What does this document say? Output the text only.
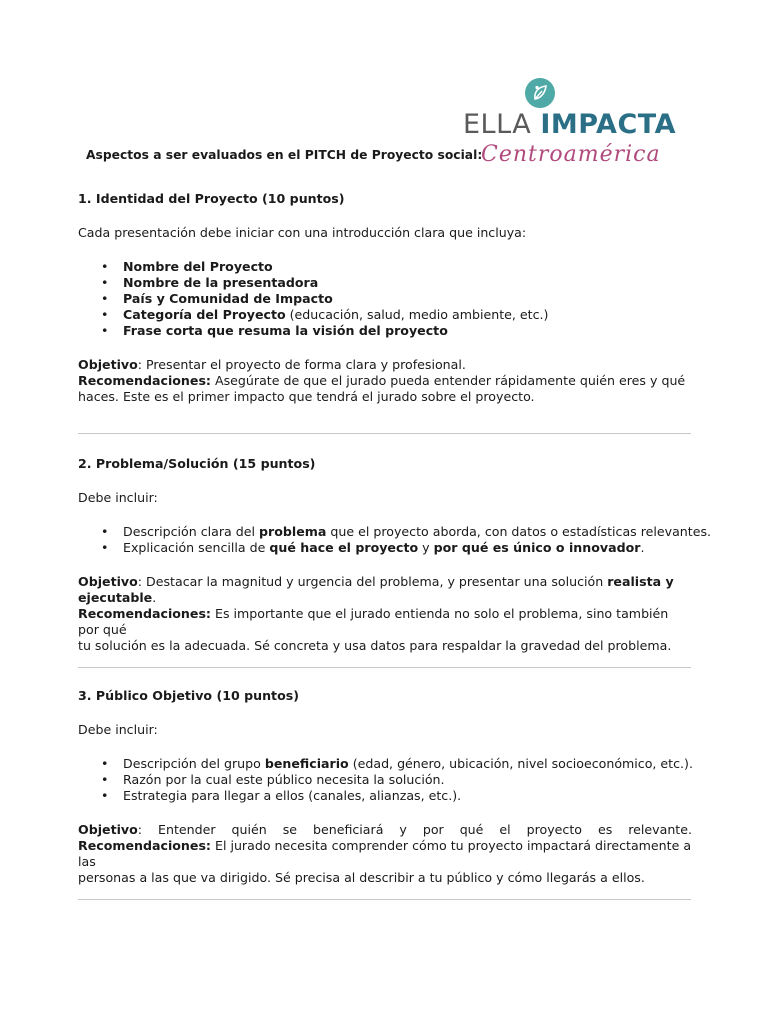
ELLA IMPACTA
Centroamérica
Aspectos a ser evaluados en el PITCH de Proyecto social:

1. Identidad del Proyecto (10 puntos)

Cada presentación debe iniciar con una introducción clara que incluya:

• Nombre del Proyecto
• Nombre de la presentadora
• País y Comunidad de Impacto
• Categoría del Proyecto (educación, salud, medio ambiente, etc.)
• Frase corta que resuma la visión del proyecto

Objetivo: Presentar el proyecto de forma clara y profesional.

Recomendaciones: Asegúrate de que el jurado pueda entender rápidamente quién eres y qué
haces. Este es el primer impacto que tendrá el jurado sobre el proyecto.

2. Problema/Solución (15 puntos)

Debe incluir:

• Descripción clara del problema que el proyecto aborda, con datos o estadísticas relevantes.
• Explicación sencilla de qué hace el proyecto y por qué es único o innovador.

Objetivo: Destacar la magnitud y urgencia del problema, y presentar una solución realista y
ejecutable.

Recomendaciones: Es importante que el jurado entienda no solo el problema, sino también por qué
tu solución es la adecuada. Sé concreta y usa datos para respaldar la gravedad del problema.

3. Público Objetivo (10 puntos)

Debe incluir:

• Descripción del grupo beneficiario (edad, género, ubicación, nivel socioeconómico, etc.).
• Razón por la cual este público necesita la solución.
• Estrategia para llegar a ellos (canales, alianzas, etc.).

Objetivo: Entender quién se beneficiará y por qué el proyecto es relevante.

Recomendaciones: El jurado necesita comprender cómo tu proyecto impactará directamente a las
personas a las que va dirigido. Sé precisa al describir a tu público y cómo llegarás a ellos.
